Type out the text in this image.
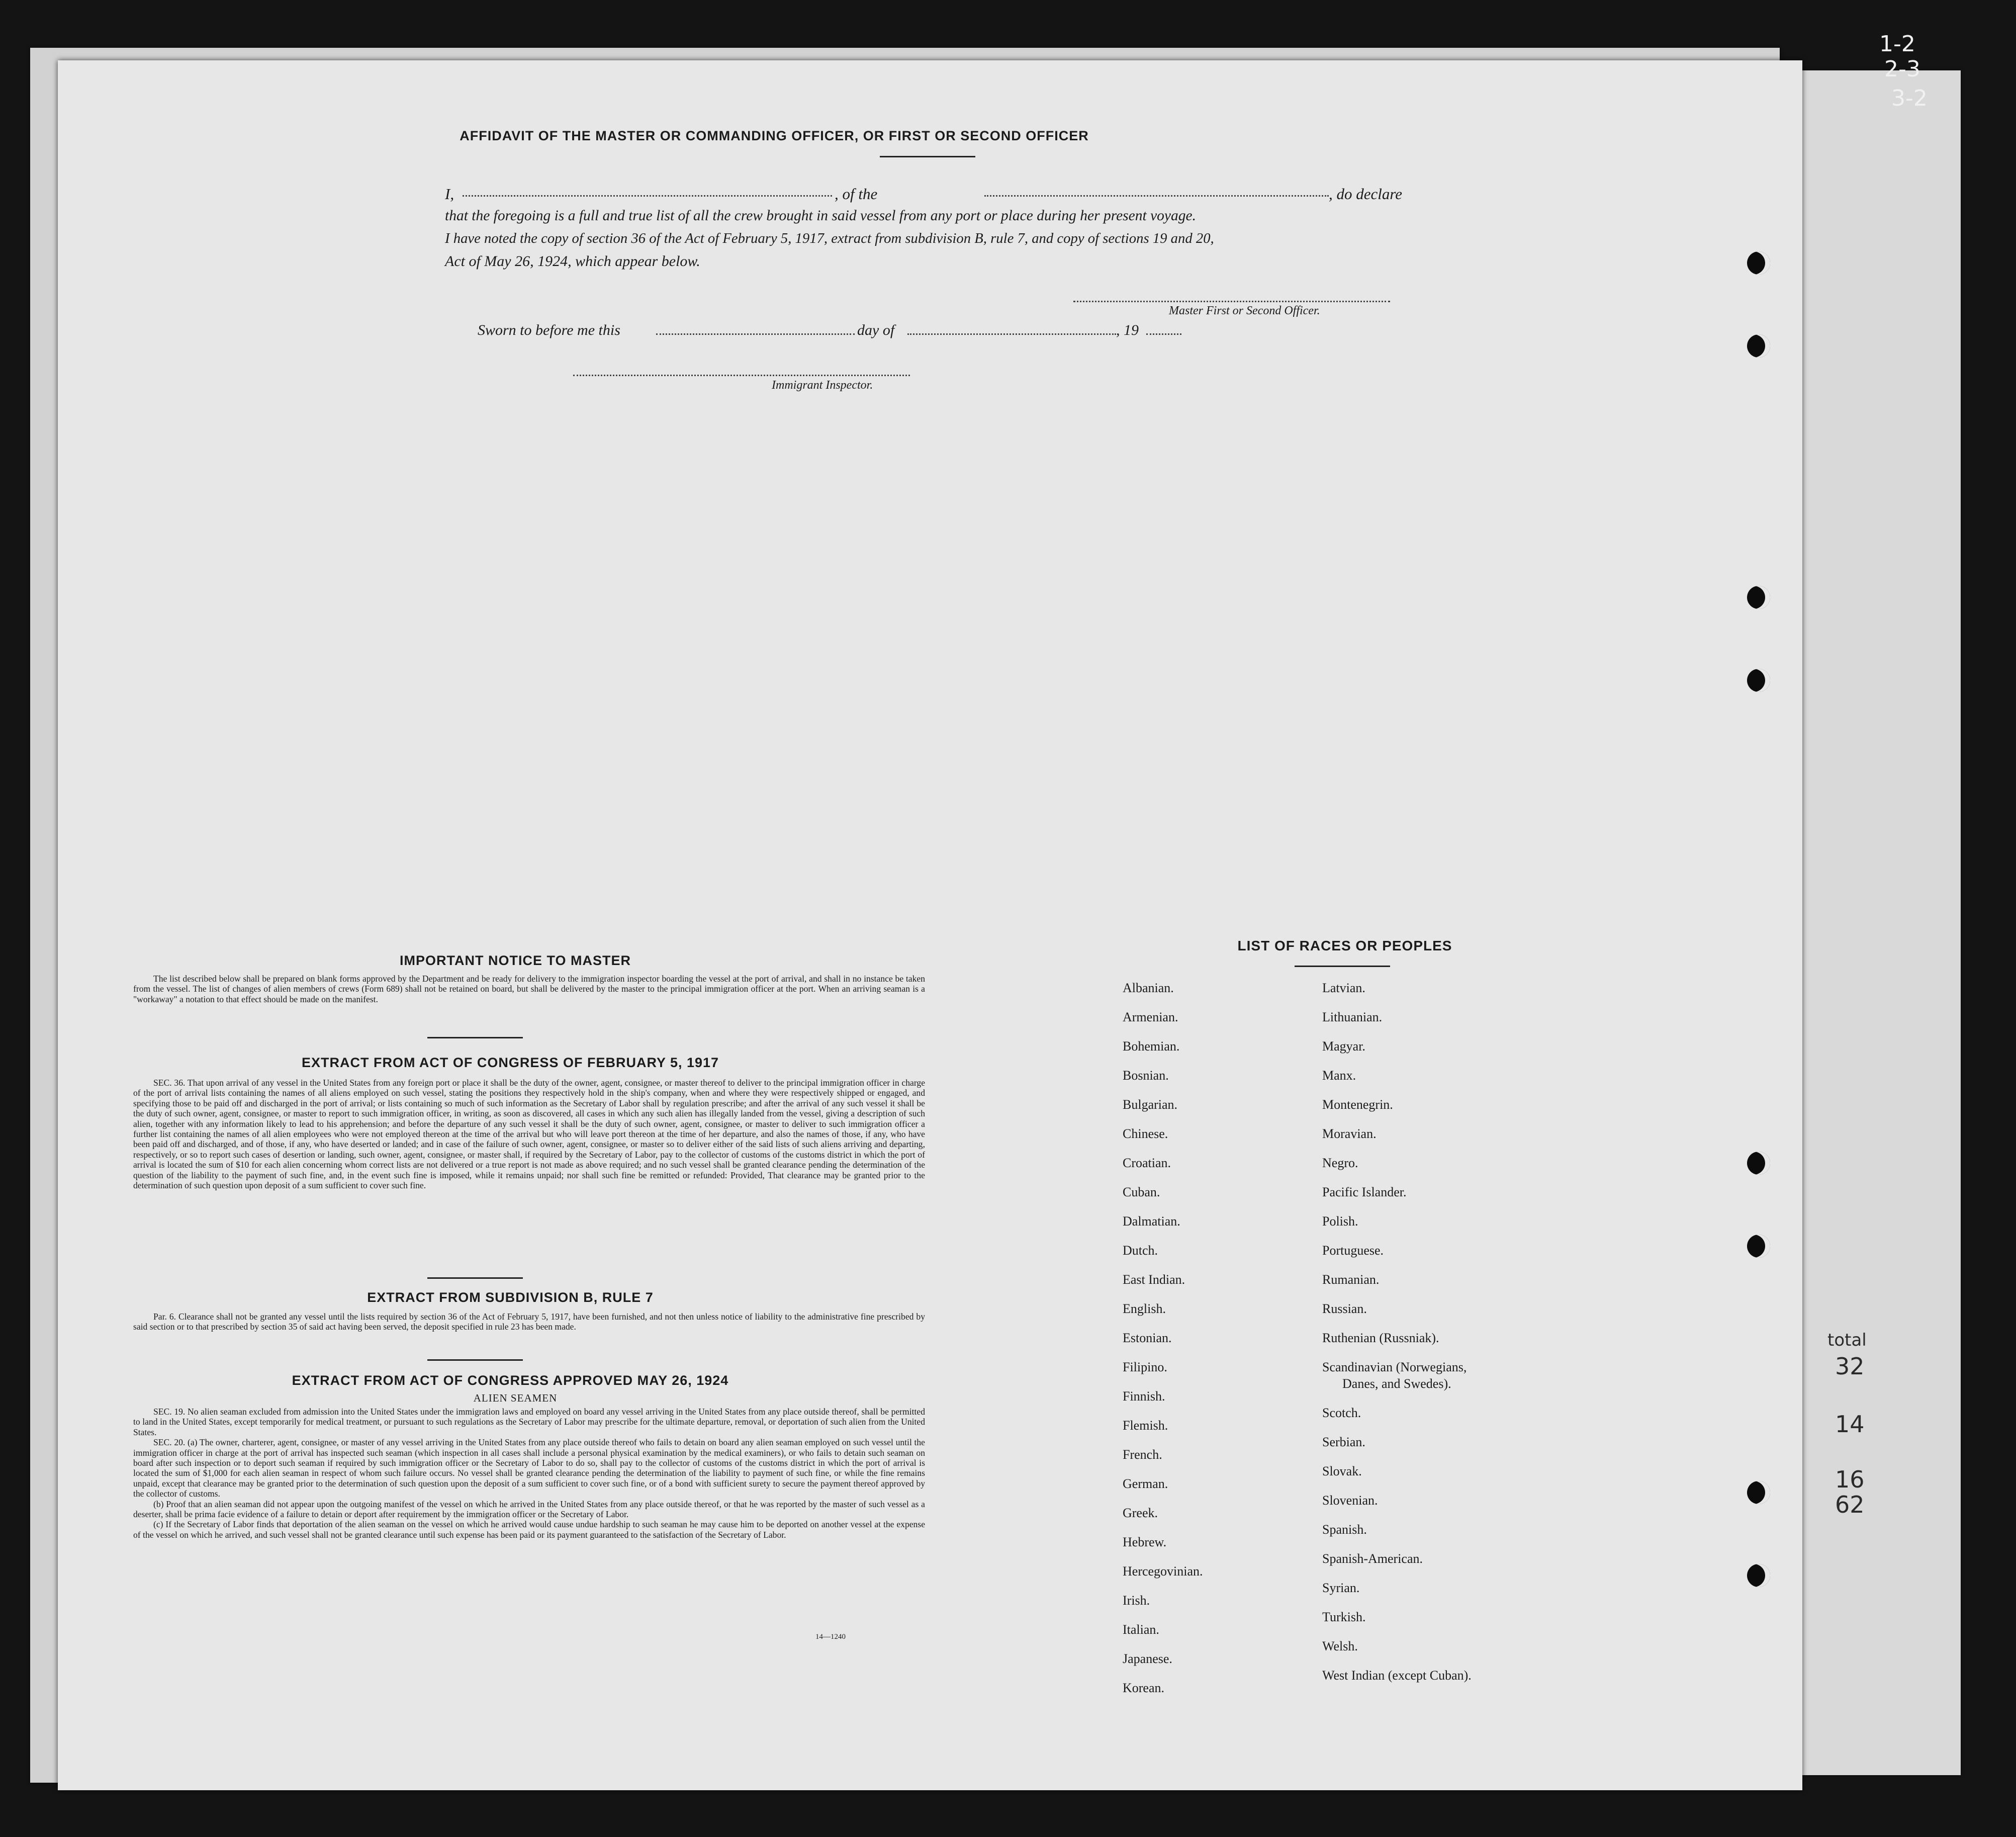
1-2
2-3
3-2
total
32
14
16
62
AFFIDAVIT OF THE MASTER OR COMMANDING OFFICER, OR FIRST OR SECOND OFFICER
I,	, of the	, do declare
that the foregoing is a full and true list of all the crew brought in said vessel from any port or place during her present voyage.
I have noted the copy of section 36 of the Act of February 5, 1917, extract from subdivision B, rule 7, and copy of sections 19 and 20,
Act of May 26, 1924, which appear below.
Master First or Second Officer.
Sworn to before me this	day of	, 19
Immigrant Inspector.
IMPORTANT NOTICE TO MASTER

The list described below shall be prepared on blank forms approved by the Department and be ready for delivery to the immigration inspector boarding the vessel at the port of arrival, and shall in no instance be taken from the vessel. The list of changes of alien members of crews (Form 689) shall not be retained on board, but shall be delivered by the master to the principal immigration officer at the port. When an arriving seaman is a "workaway" a notation to that effect should be made on the manifest.

EXTRACT FROM ACT OF CONGRESS OF FEBRUARY 5, 1917

SEC. 36. That upon arrival of any vessel in the United States from any foreign port or place it shall be the duty of the owner, agent, consignee, or master thereof to deliver to the principal immigration officer in charge of the port of arrival lists containing the names of all aliens employed on such vessel, stating the positions they respectively hold in the ship's company, when and where they were respectively shipped or engaged, and specifying those to be paid off and discharged in the port of arrival; or lists containing so much of such information as the Secretary of Labor shall by regulation prescribe; and after the arrival of any such vessel it shall be the duty of such owner, agent, consignee, or master to report to such immigration officer, in writing, as soon as discovered, all cases in which any such alien has illegally landed from the vessel, giving a description of such alien, together with any information likely to lead to his apprehension; and before the departure of any such vessel it shall be the duty of such owner, agent, consignee, or master to deliver to such immigration officer a further list containing the names of all alien employees who were not employed thereon at the time of the arrival but who will leave port thereon at the time of her departure, and also the names of those, if any, who have been paid off and discharged, and of those, if any, who have deserted or landed; and in case of the failure of such owner, agent, consignee, or master so to deliver either of the said lists of such aliens arriving and departing, respectively, or so to report such cases of desertion or landing, such owner, agent, consignee, or master shall, if required by the Secretary of Labor, pay to the collector of customs of the customs district in which the port of arrival is located the sum of $10 for each alien concerning whom correct lists are not delivered or a true report is not made as above required; and no such vessel shall be granted clearance pending the determination of the question of the liability to the payment of such fine, and, in the event such fine is imposed, while it remains unpaid; nor shall such fine be remitted or refunded: Provided, That clearance may be granted prior to the determination of such question upon deposit of a sum sufficient to cover such fine.

EXTRACT FROM SUBDIVISION B, RULE 7

Par. 6. Clearance shall not be granted any vessel until the lists required by section 36 of the Act of February 5, 1917, have been furnished, and not then unless notice of liability to the administrative fine prescribed by said section or to that prescribed by section 35 of said act having been served, the deposit specified in rule 23 has been made.

EXTRACT FROM ACT OF CONGRESS APPROVED MAY 26, 1924
ALIEN SEAMEN

SEC. 19. No alien seaman excluded from admission into the United States under the immigration laws and employed on board any vessel arriving in the United States from any place outside thereof, shall be permitted to land in the United States, except temporarily for medical treatment, or pursuant to such regulations as the Secretary of Labor may prescribe for the ultimate departure, removal, or deportation of such alien from the United States.

SEC. 20. (a) The owner, charterer, agent, consignee, or master of any vessel arriving in the United States from any place outside thereof who fails to detain on board any alien seaman employed on such vessel until the immigration officer in charge at the port of arrival has inspected such seaman (which inspection in all cases shall include a personal physical examination by the medical examiners), or who fails to detain such seaman on board after such inspection or to deport such seaman if required by such immigration officer or the Secretary of Labor to do so, shall pay to the collector of customs of the customs district in which the port of arrival is located the sum of $1,000 for each alien seaman in respect of whom such failure occurs. No vessel shall be granted clearance pending the determination of the liability to payment of such fine, or while the fine remains unpaid, except that clearance may be granted prior to the determination of such question upon the deposit of a sum sufficient to cover such fine, or of a bond with sufficient surety to secure the payment thereof approved by the collector of customs.

(b) Proof that an alien seaman did not appear upon the outgoing manifest of the vessel on which he arrived in the United States from any place outside thereof, or that he was reported by the master of such vessel as a deserter, shall be prima facie evidence of a failure to detain or deport after requirement by the immigration officer or the Secretary of Labor.

(c) If the Secretary of Labor finds that deportation of the alien seaman on the vessel on which he arrived would cause undue hardship to such seaman he may cause him to be deported on another vessel at the expense of the vessel on which he arrived, and such vessel shall not be granted clearance until such expense has been paid or its payment guaranteed to the satisfaction of the Secretary of Labor.

14—1240
LIST OF RACES OR PEOPLES
Albanian.
Armenian.
Bohemian.
Bosnian.
Bulgarian.
Chinese.
Croatian.
Cuban.
Dalmatian.
Dutch.
East Indian.
English.
Estonian.
Filipino.
Finnish.
Flemish.
French.
German.
Greek.
Hebrew.
Hercegovinian.
Irish.
Italian.
Japanese.
Korean.
Latvian.
Lithuanian.
Magyar.
Manx.
Montenegrin.
Moravian.
Negro.
Pacific Islander.
Polish.
Portuguese.
Rumanian.
Russian.
Ruthenian (Russniak).
Scandinavian (Norwegians,
Danes, and Swedes).
Scotch.
Serbian.
Slovak.
Slovenian.
Spanish.
Spanish-American.
Syrian.
Turkish.
Welsh.
West Indian (except Cuban).
